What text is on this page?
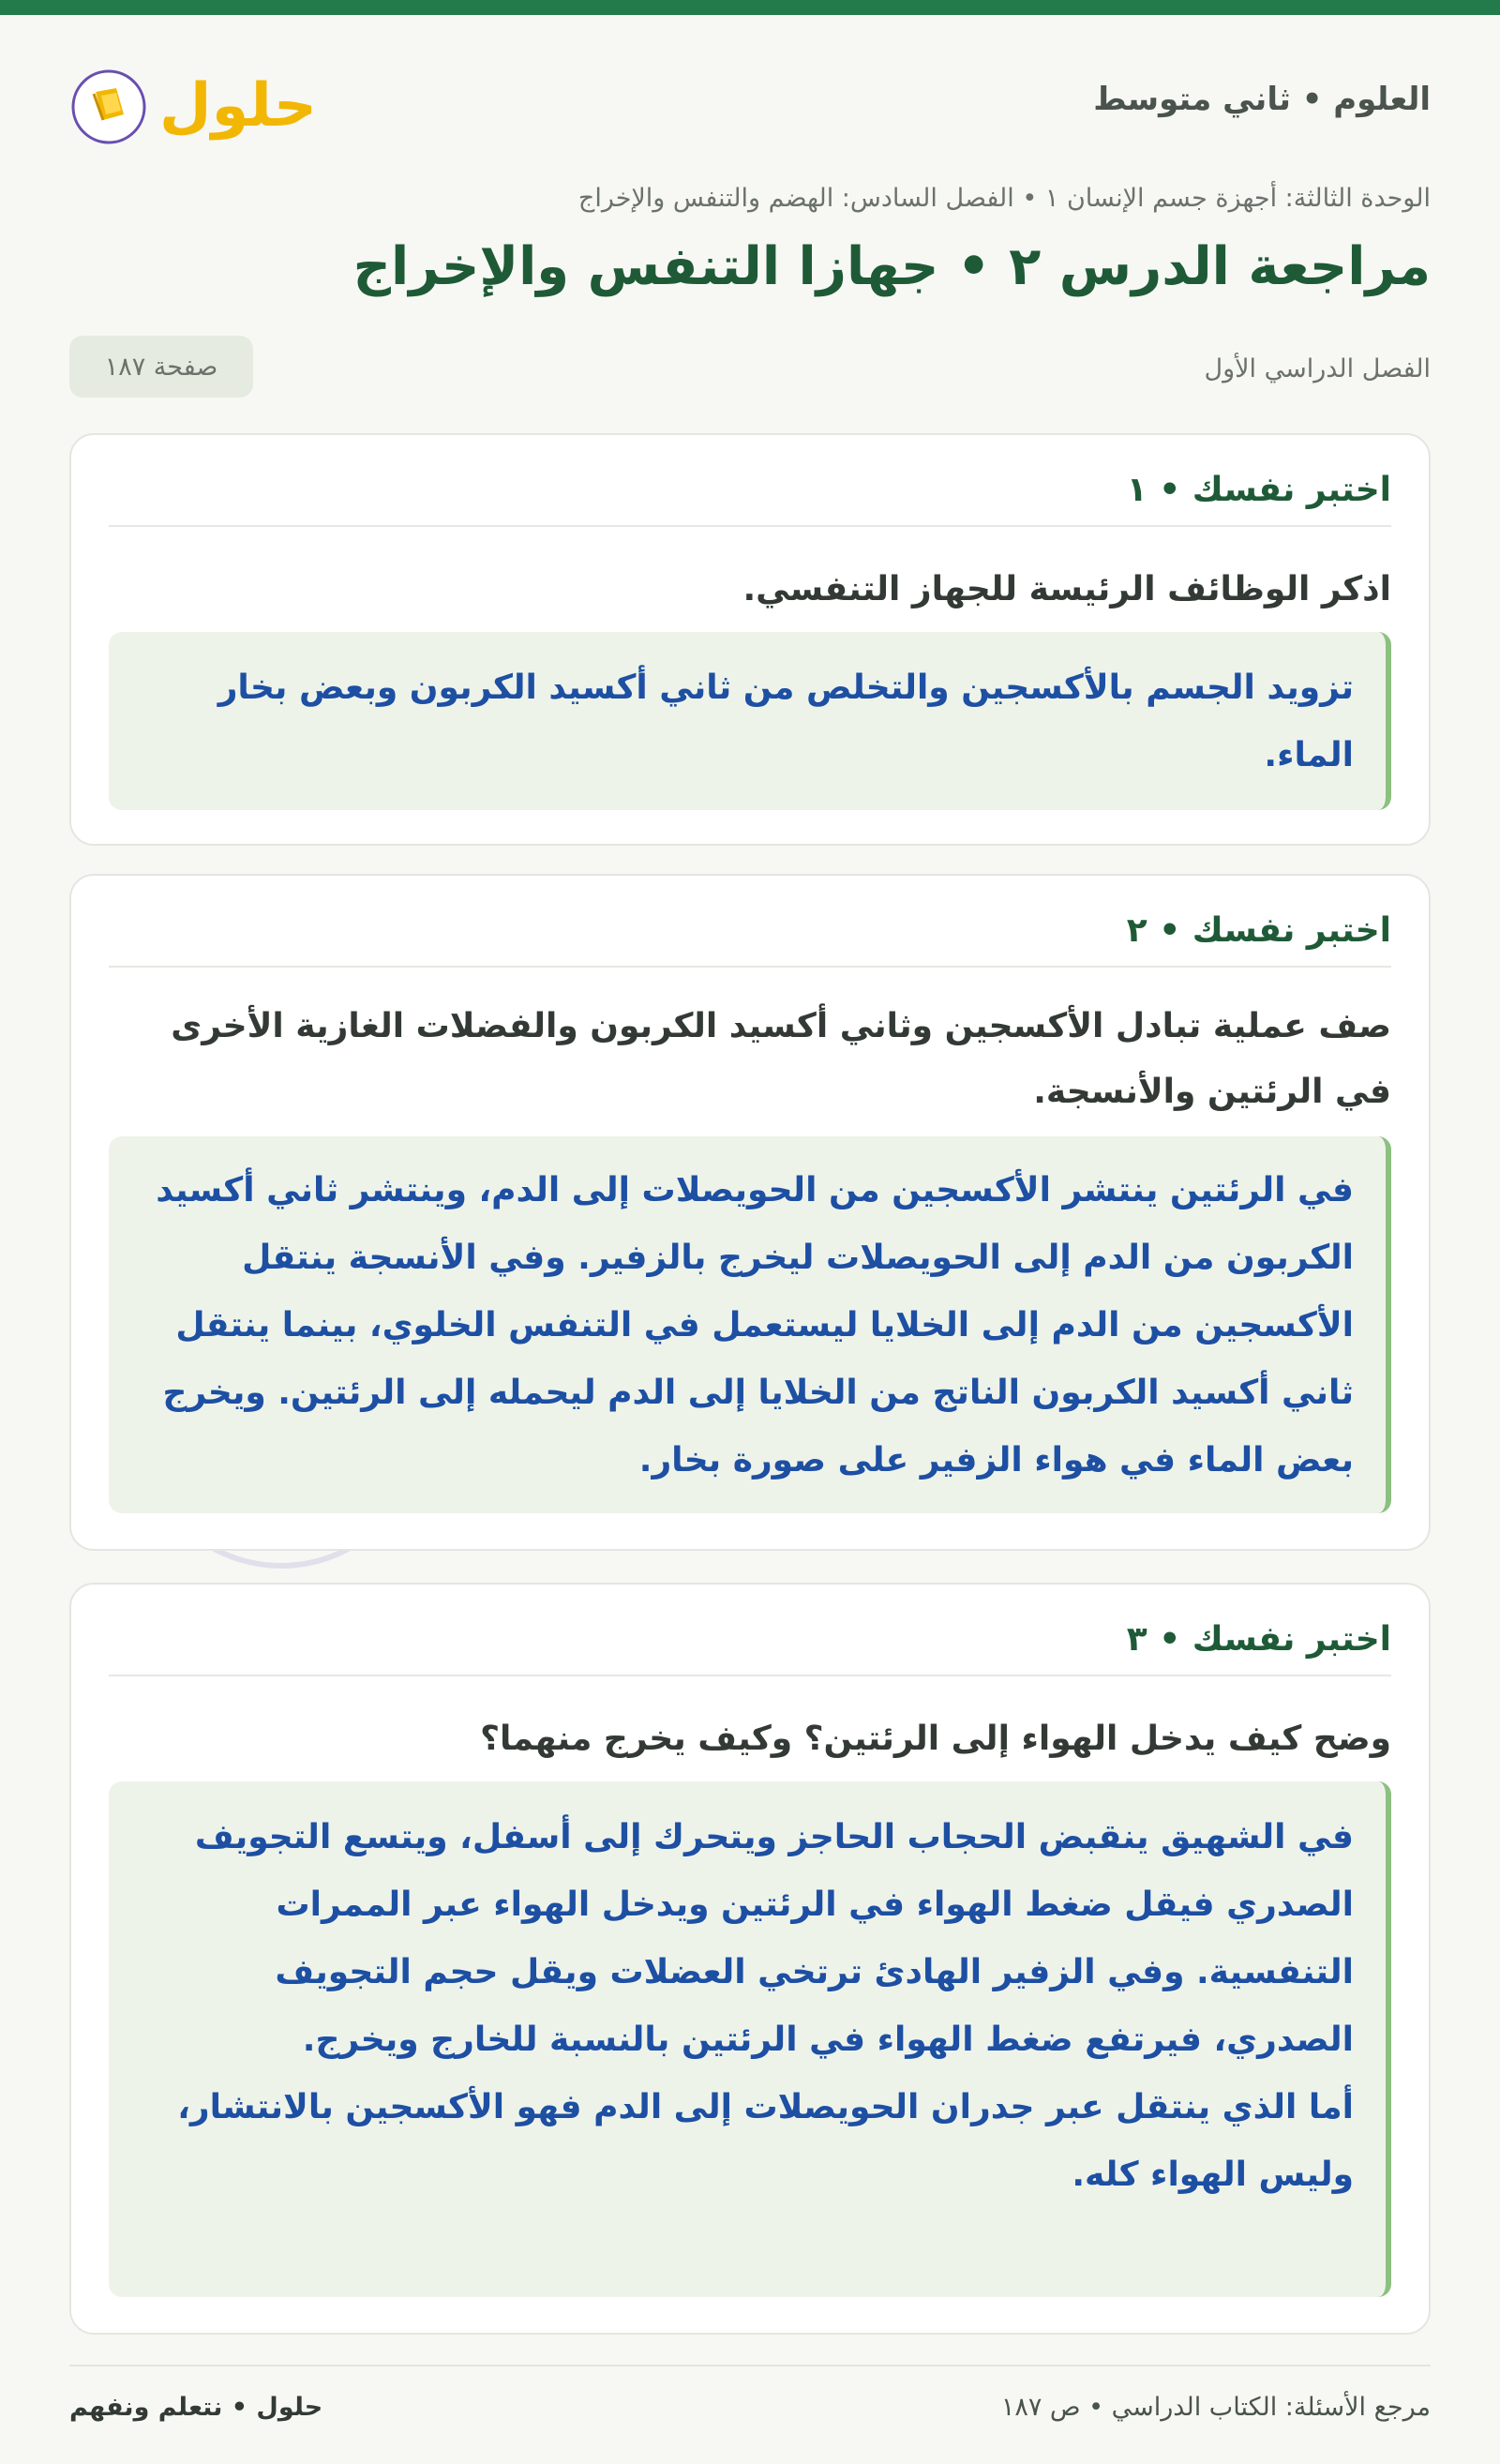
العلوم • ثاني متوسط
حلول
الوحدة الثالثة: أجهزة جسم الإنسان ١ • الفصل السادس: الهضم والتنفس والإخراج
مراجعة الدرس ٢ • جهازا التنفس والإخراج
الفصل الدراسي الأول
صفحة ١٨٧
اختبر نفسك • ١
اذكر الوظائف الرئيسة للجهاز التنفسي.

تزويد الجسم بالأكسجين والتخلص من ثاني أكسيد الكربون وبعض بخار الماء.

اختبر نفسك • ٢
صف عملية تبادل الأكسجين وثاني أكسيد الكربون والفضلات الغازية الأخرى في الرئتين والأنسجة.

في الرئتين ينتشر الأكسجين من الحويصلات إلى الدم، وينتشر ثاني أكسيد الكربون من الدم إلى الحويصلات ليخرج بالزفير. وفي الأنسجة ينتقل الأكسجين من الدم إلى الخلايا ليستعمل في التنفس الخلوي، بينما ينتقل ثاني أكسيد الكربون الناتج من الخلايا إلى الدم ليحمله إلى الرئتين. ويخرج بعض الماء في هواء الزفير على صورة بخار.

اختبر نفسك • ٣
وضح كيف يدخل الهواء إلى الرئتين؟ وكيف يخرج منهما؟

في الشهيق ينقبض الحجاب الحاجز ويتحرك إلى أسفل، ويتسع التجويف الصدري فيقل ضغط الهواء في الرئتين ويدخل الهواء عبر الممرات التنفسية. وفي الزفير الهادئ ترتخي العضلات ويقل حجم التجويف الصدري، فيرتفع ضغط الهواء في الرئتين بالنسبة للخارج ويخرج.

أما الذي ينتقل عبر جدران الحويصلات إلى الدم فهو الأكسجين بالانتشار، وليس الهواء كله.

مرجع الأسئلة: الكتاب الدراسي • ص ١٨٧
حلول • نتعلم ونفهم
